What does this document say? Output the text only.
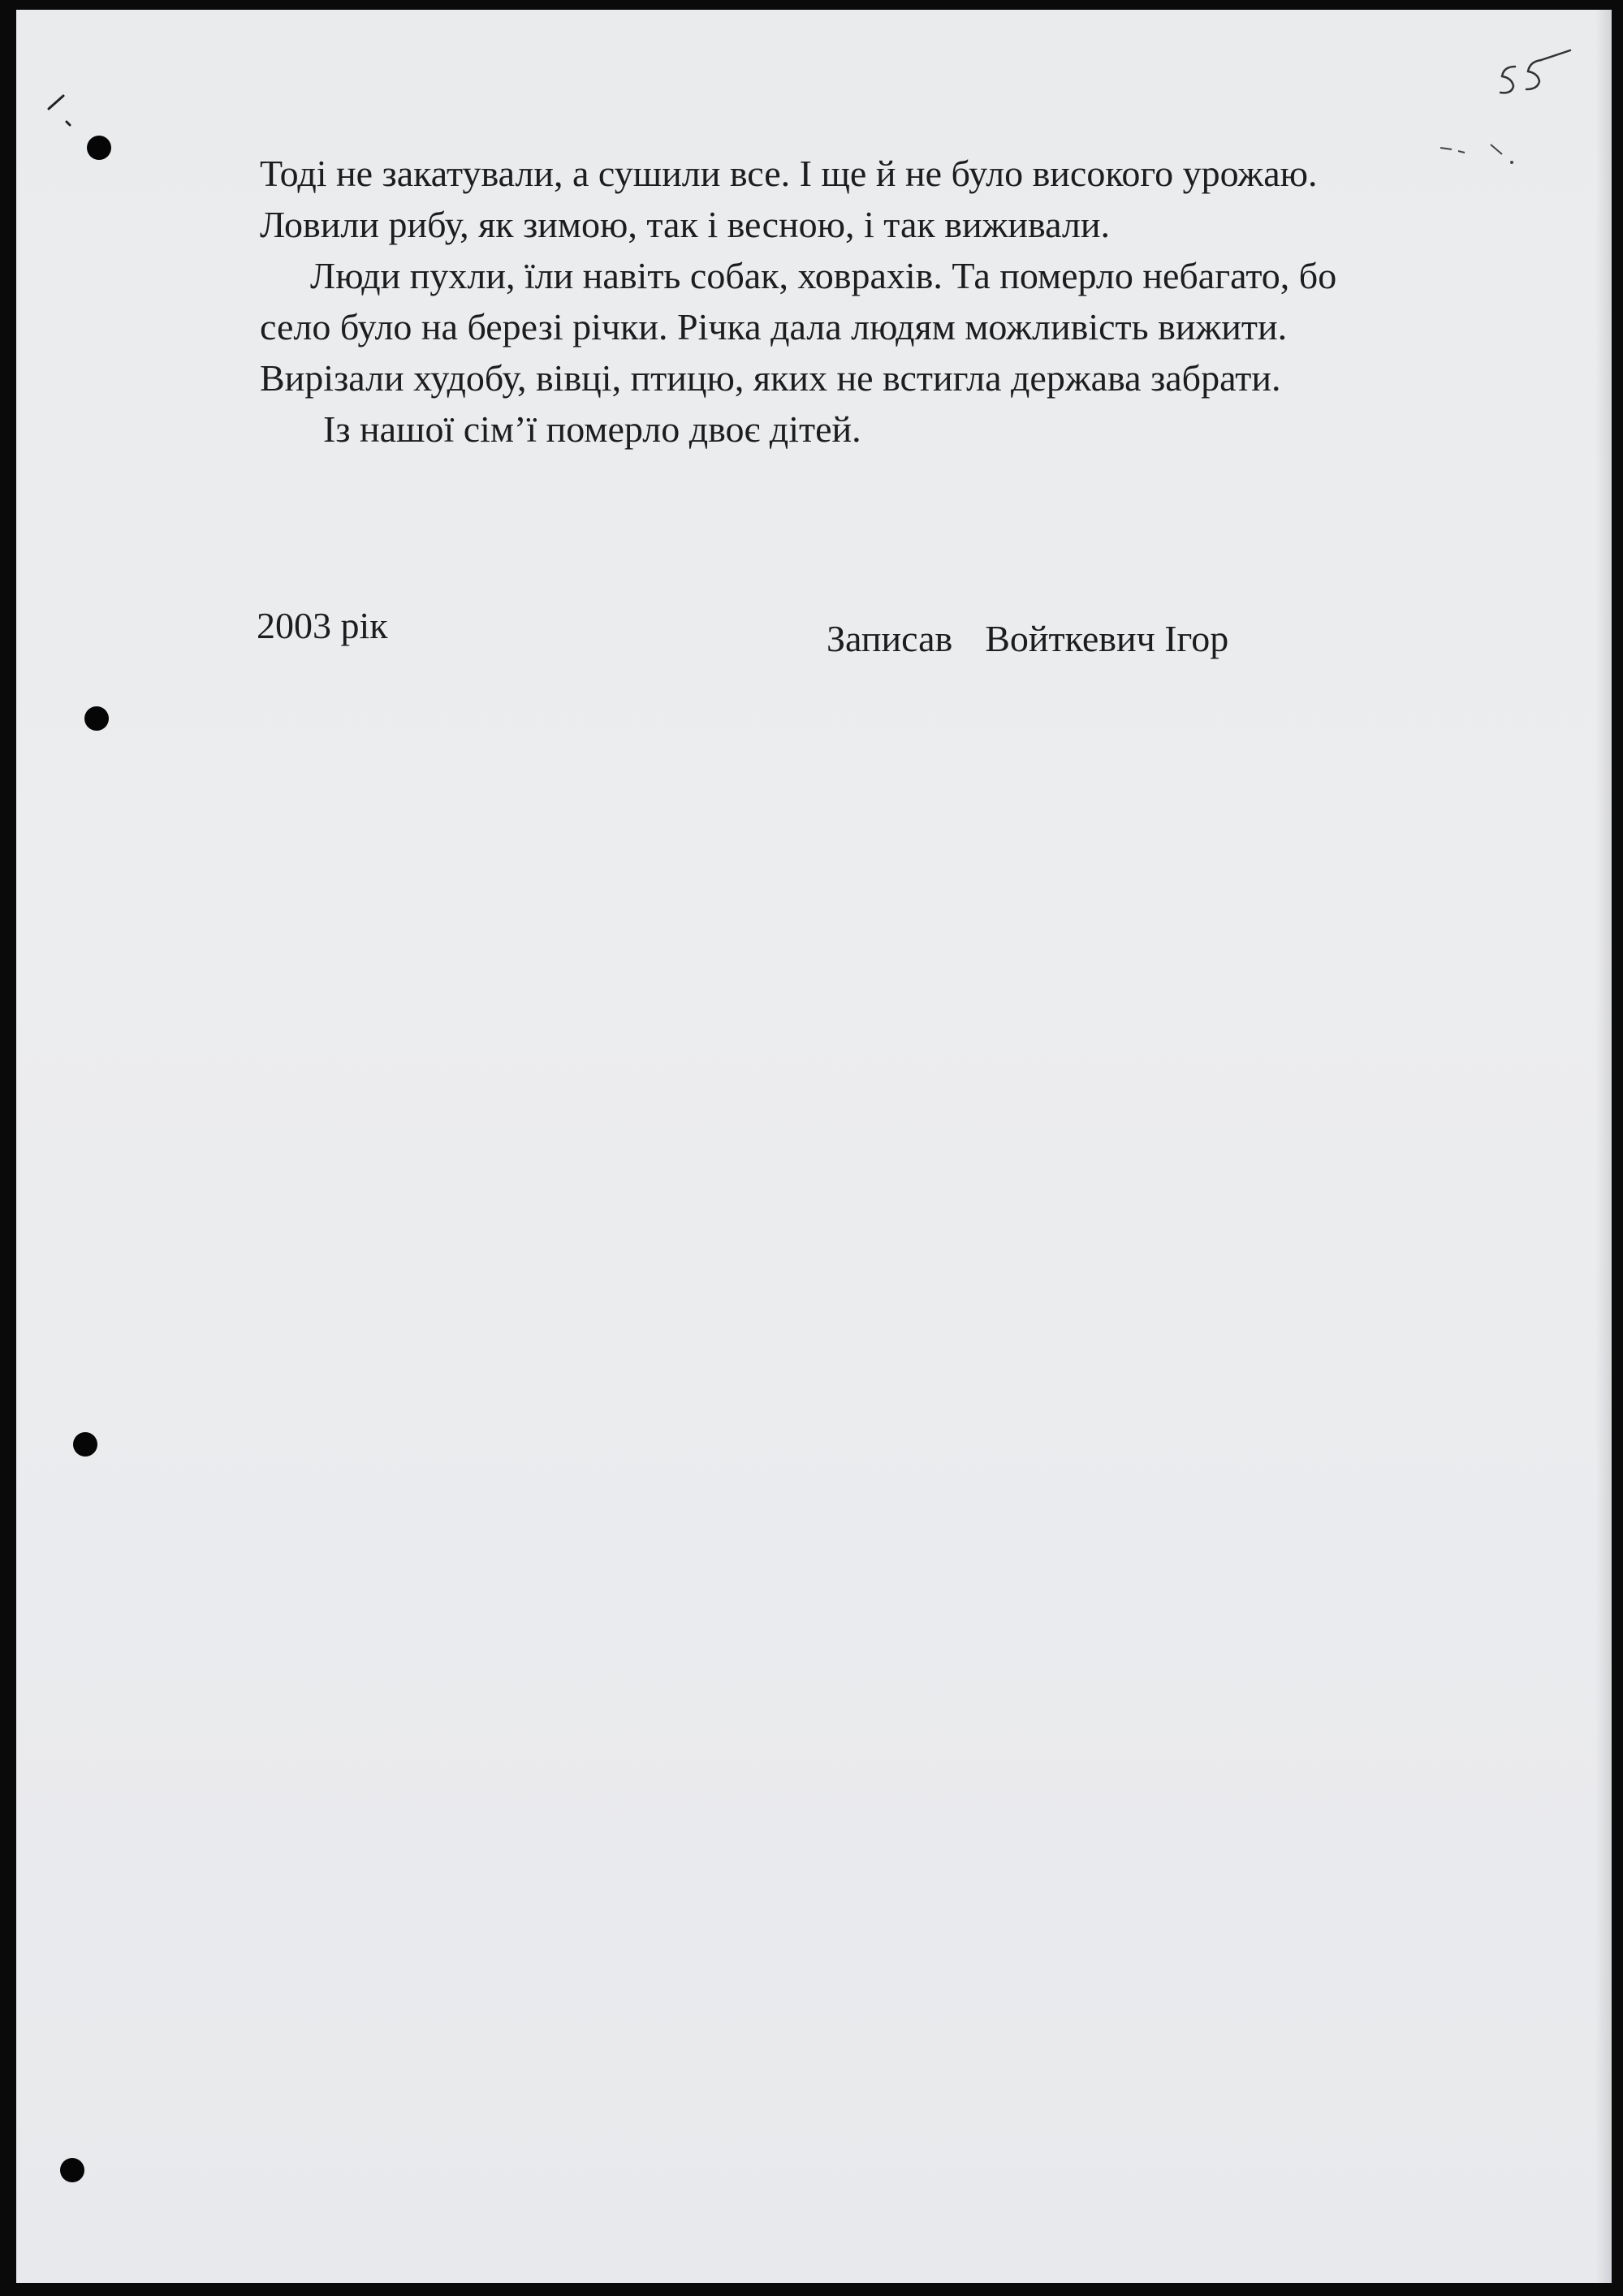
Тоді не закатували, а сушили все. І ще й не було високого урожаю.
Ловили рибу, як зимою, так і весною, і так виживали.
Люди пухли, їли навіть собак, ховрахів. Та померло небагато, бо
село було на березі річки. Річка дала людям можливість вижити.
Вирізали худобу, вівці, птицю, яких не встигла держава забрати.
Із нашої сім’ї померло двоє дітей.
2003 рік	Записав Войткевич Ігор
